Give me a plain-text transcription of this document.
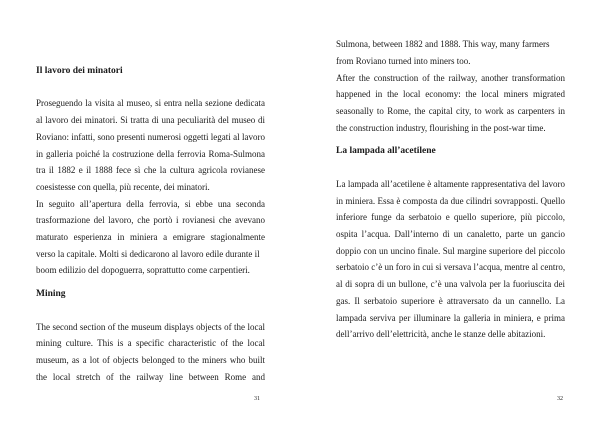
Il lavoro dei minatori
Proseguendo la visita al museo, si entra nella sezione dedicata
al lavoro dei minatori. Si tratta di una peculiarità del museo di
Roviano: infatti, sono presenti numerosi oggetti legati al lavoro
in galleria poiché la costruzione della ferrovia Roma-Sulmona
tra il 1882 e il 1888 fece sì che la cultura agricola rovianese
coesistesse con quella, più recente, dei minatori.
In seguito all’apertura della ferrovia, si ebbe una seconda
trasformazione del lavoro, che portò i rovianesi che avevano
maturato esperienza in miniera a emigrare stagionalmente
verso la capitale. Molti si dedicarono al lavoro edile durante il
boom edilizio del dopoguerra, soprattutto come carpentieri.
Mining
The second section of the museum displays objects of the local
mining culture. This is a specific characteristic of the local
museum, as a lot of objects belonged to the miners who built
the local stretch of the railway line between Rome and
31
Sulmona, between 1882 and 1888. This way, many farmers
from Roviano turned into miners too.
After the construction of the railway, another transformation
happened in the local economy: the local miners migrated
seasonally to Rome, the capital city, to work as carpenters in
the construction industry, flourishing in the post-war time.
La lampada all’acetilene
La lampada all’acetilene è altamente rappresentativa del lavoro
in miniera. Essa è composta da due cilindri sovrapposti. Quello
inferiore funge da serbatoio e quello superiore, più piccolo,
ospita l’acqua. Dall’interno di un canaletto, parte un gancio
doppio con un uncino finale. Sul margine superiore del piccolo
serbatoio c’è un foro in cui si versava l’acqua, mentre al centro,
al di sopra di un bullone, c’è una valvola per la fuoriuscita dei
gas. Il serbatoio superiore è attraversato da un cannello. La
lampada serviva per illuminare la galleria in miniera, e prima
dell’arrivo dell’elettricità, anche le stanze delle abitazioni.
32
